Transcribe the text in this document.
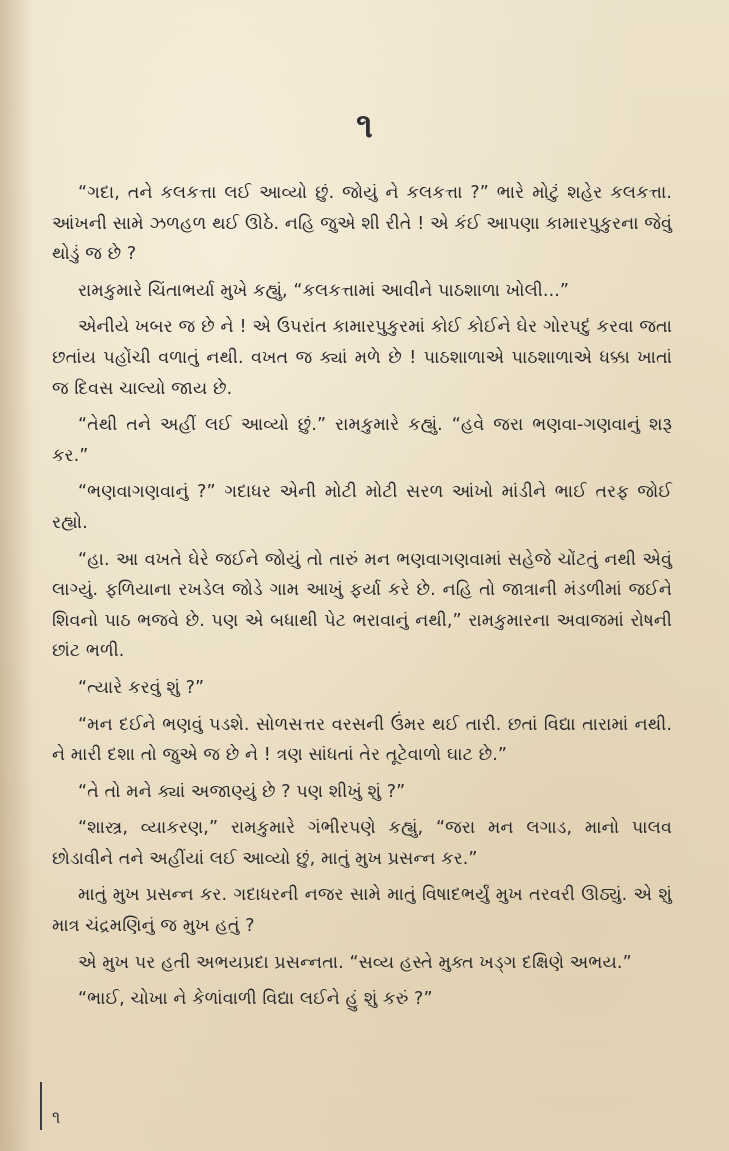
૧

“ગદા, તને કલકત્તા લઈ આવ્યો છું. જોયું ને કલકત્તા ?” ભારે મોટું શહેર કલકત્તા. આંખની સામે ઝળહળ થઈ ઊઠે. નહિ જુએ શી રીતે ! એ કંઈ આપણા કામારપુકુરના જેવું થોડું જ છે ?

રામકુમારે ચિંતાભર્યા મુખે કહ્યું, “કલકત્તામાં આવીને પાઠશાળા ખોલી...”

એનીયે ખબર જ છે ને ! એ ઉપરાંત કામારપુકુરમાં કોઈ કોઈને ઘેર ગોરપદું કરવા જતા છતાંય પહોંચી વળાતું નથી. વખત જ ક્યાં મળે છે ! પાઠશાળાએ પાઠશાળાએ ધક્કા ખાતાં જ દિવસ ચાલ્યો જાય છે.

“તેથી તને અહીં લઈ આવ્યો છું.” રામકુમારે કહ્યું. “હવે જરા ભણવા-ગણવાનું શરૂ કર.”

“ભણવાગણવાનું ?” ગદાધર એની મોટી મોટી સરળ આંખો માંડીને ભાઈ તરફ જોઈ રહ્યો.

“હા. આ વખતે ઘેરે જઈને જોયું તો તારું મન ભણવાગણવામાં સહેજે ચોંટતું નથી એવું લાગ્યું. ફળિયાના રખડેલ જોડે ગામ આખું ફર્યા કરે છે. નહિ તો જાત્રાની મંડળીમાં જઈને શિવનો પાઠ ભજવે છે. પણ એ બધાથી પેટ ભરાવાનું નથી,” રામકુમારના અવાજમાં રોષની છાંટ ભળી.

“ત્યારે કરવું શું ?”

“મન દઈને ભણવું પડશે. સોળસત્તર વરસની ઉંમર થઈ તારી. છતાં વિદ્યા તારામાં નથી. ને મારી દશા તો જુએ જ છે ને ! ત્રણ સાંધતાં તેર તૂટેવાળો ઘાટ છે.”

“તે તો મને ક્યાં અજાણ્યું છે ? પણ શીખું શું ?”

“શાસ્ત્ર, વ્યાકરણ,” રામકુમારે ગંભીરપણે કહ્યું, “જરા મન લગાડ, માનો પાલવ છોડાવીને તને અહીંયાં લઈ આવ્યો છું, માતું મુખ પ્રસન્ન કર.”

માતું મુખ પ્રસન્ન કર. ગદાધરની નજર સામે માતું વિષાદભર્યું મુખ તરવરી ઊઠ્યું. એ શું માત્ર ચંદ્રમણિનું જ મુખ હતું ?

એ મુખ પર હતી અભયપ્રદા પ્રસન્નતા. “સવ્ય હસ્તે મુક્ત ખડ્ગ દક્ષિણે અભય.”

“ભાઈ, ચોખા ને કેળાંવાળી વિદ્યા લઈને હું શું કરું ?”

૧
